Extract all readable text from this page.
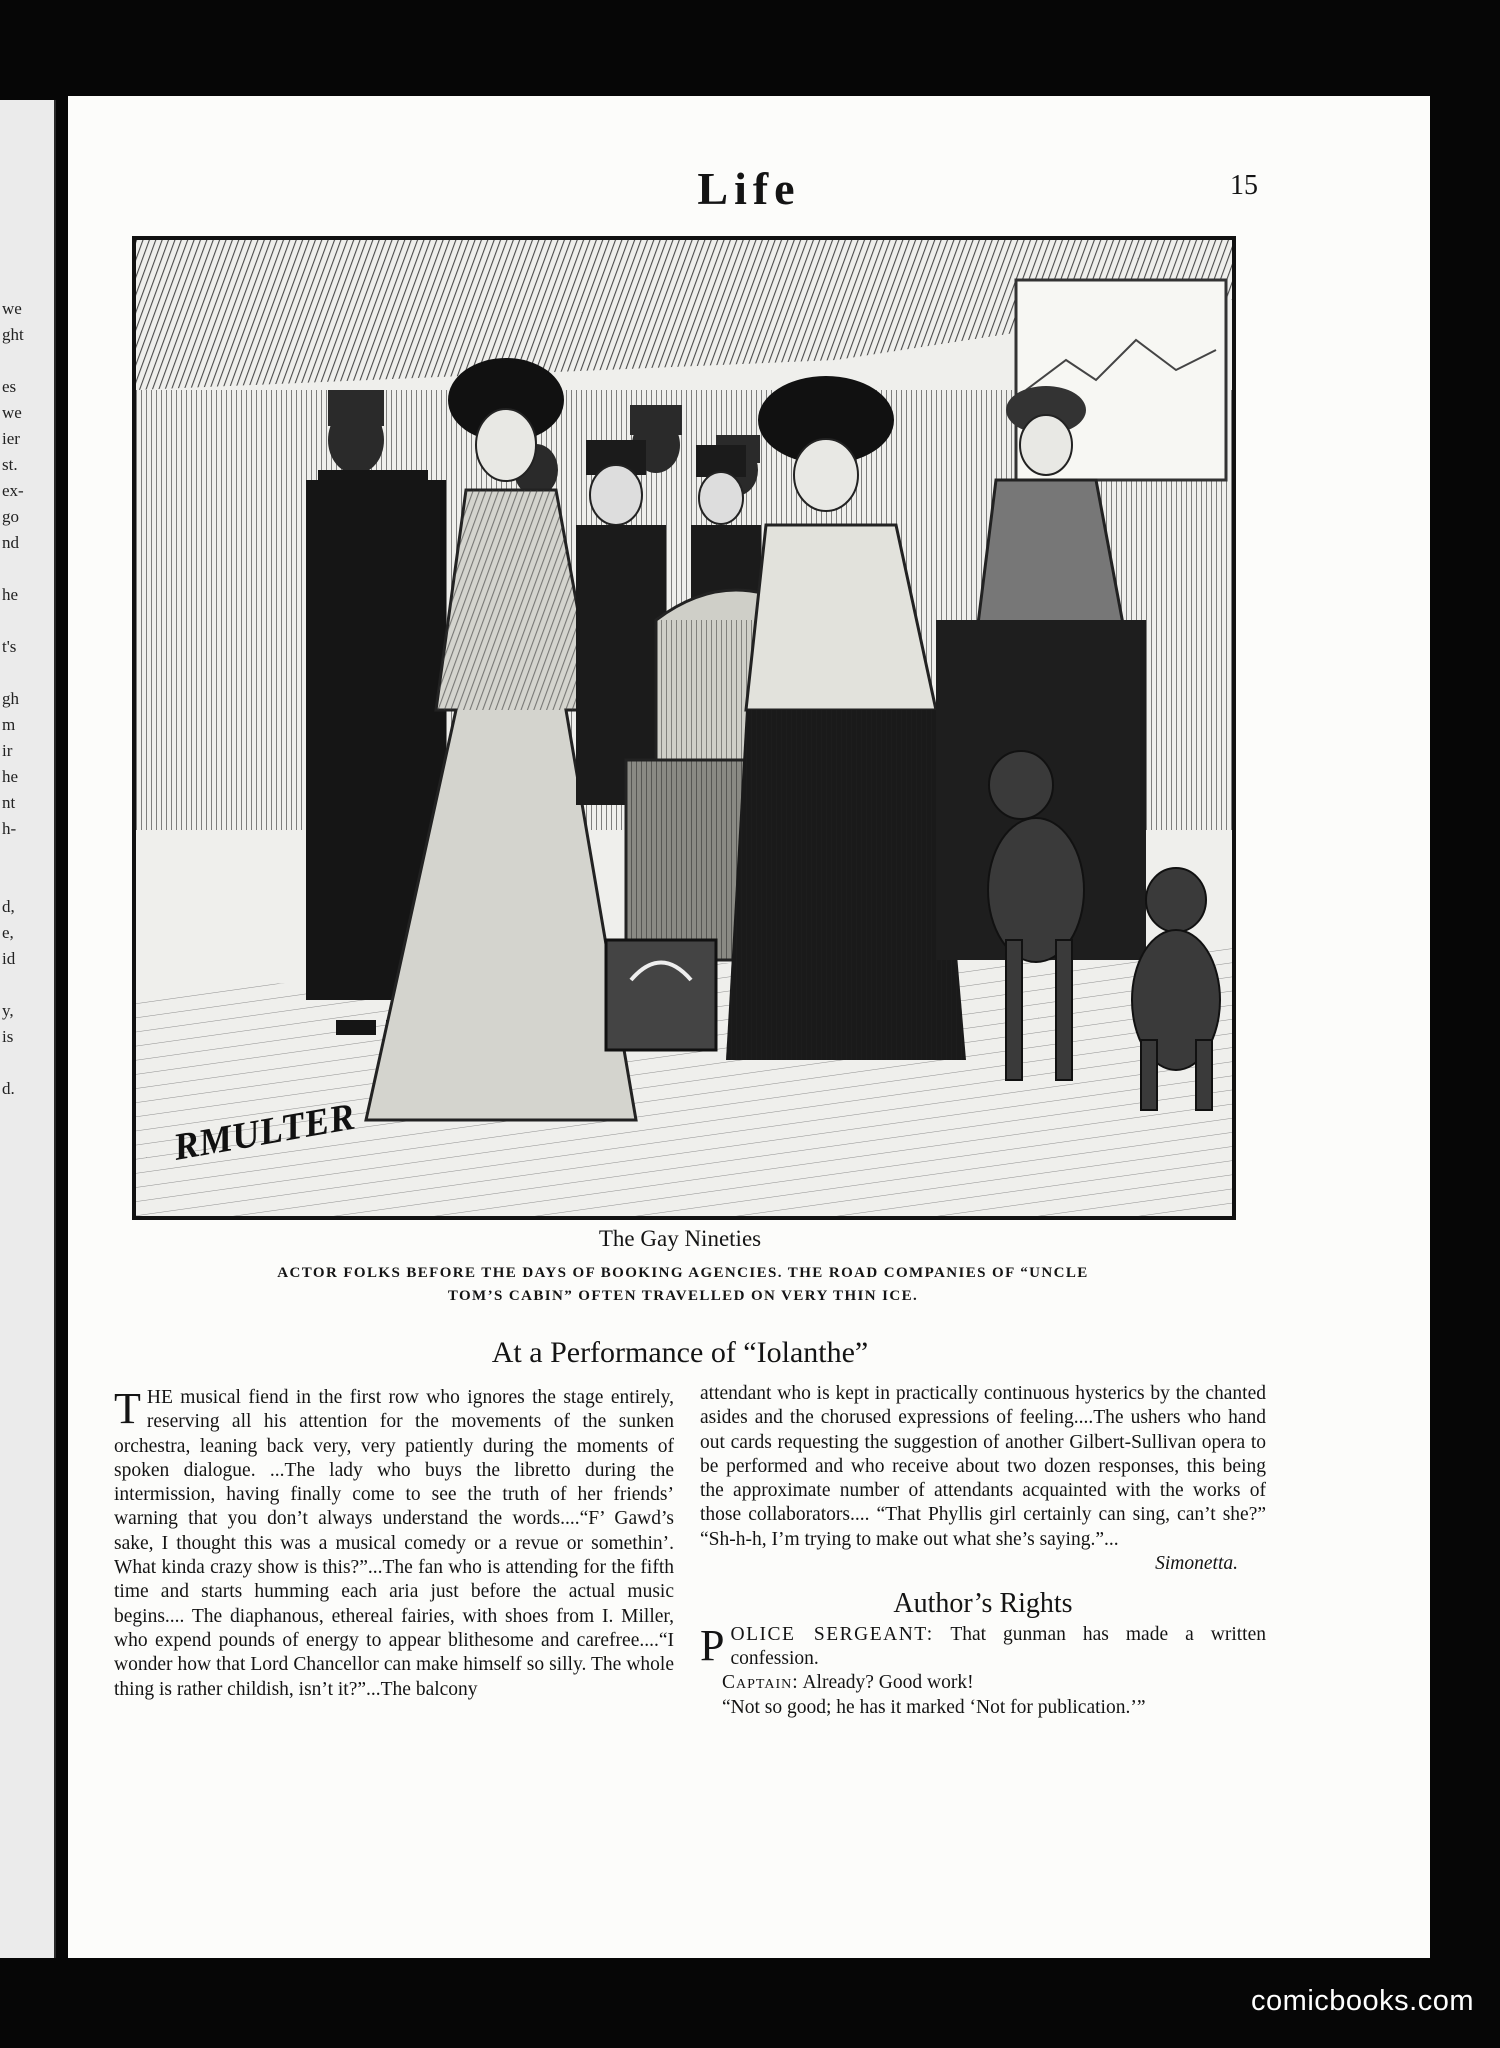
we
ght

es
we
ier
st.
ex-
go
nd

he

t's

gh
m
ir
he
nt
h-

d,
e,
id

y,
is

d.
Life	15
RMULTER
The Gay Nineties
ACTOR FOLKS BEFORE THE DAYS OF BOOKING AGENCIES. THE ROAD COMPANIES OF “UNCLE TOM’S CABIN” OFTEN TRAVELLED ON VERY THIN ICE.
At a Performance of “Iolanthe”
THE musical fiend in the first row who ignores the stage entirely, reserving all his attention for the movements of the sunken orchestra, leaning back very, very patiently during the moments of spoken dialogue. ...The lady who buys the libretto during the intermission, having finally come to see the truth of her friends’ warning that you don’t always understand the words....“F’ Gawd’s sake, I thought this was a musical comedy or a revue or somethin’. What kinda crazy show is this?”...The fan who is attending for the fifth time and starts humming each aria just before the actual music begins.... The diaphanous, ethereal fairies, with shoes from I. Miller, who expend pounds of energy to appear blithesome and carefree....“I wonder how that Lord Chancellor can make himself so silly. The whole thing is rather childish, isn’t it?”...The balcony
attendant who is kept in practically continuous hysterics by the chanted asides and the chorused expressions of feeling....The ushers who hand out cards requesting the suggestion of another Gilbert-Sullivan opera to be performed and who receive about two dozen responses, this being the approximate number of attendants acquainted with the works of those collaborators.... “That Phyllis girl certainly can sing, can’t she?” “Sh-h-h, I’m trying to make out what she’s saying.”...
Simonetta.
Author’s Rights

POLICE SERGEANT: That gunman has made a written confession.

Captain: Already? Good work!

“Not so good; he has it marked ‘Not for publication.’”

comicbooks.com
